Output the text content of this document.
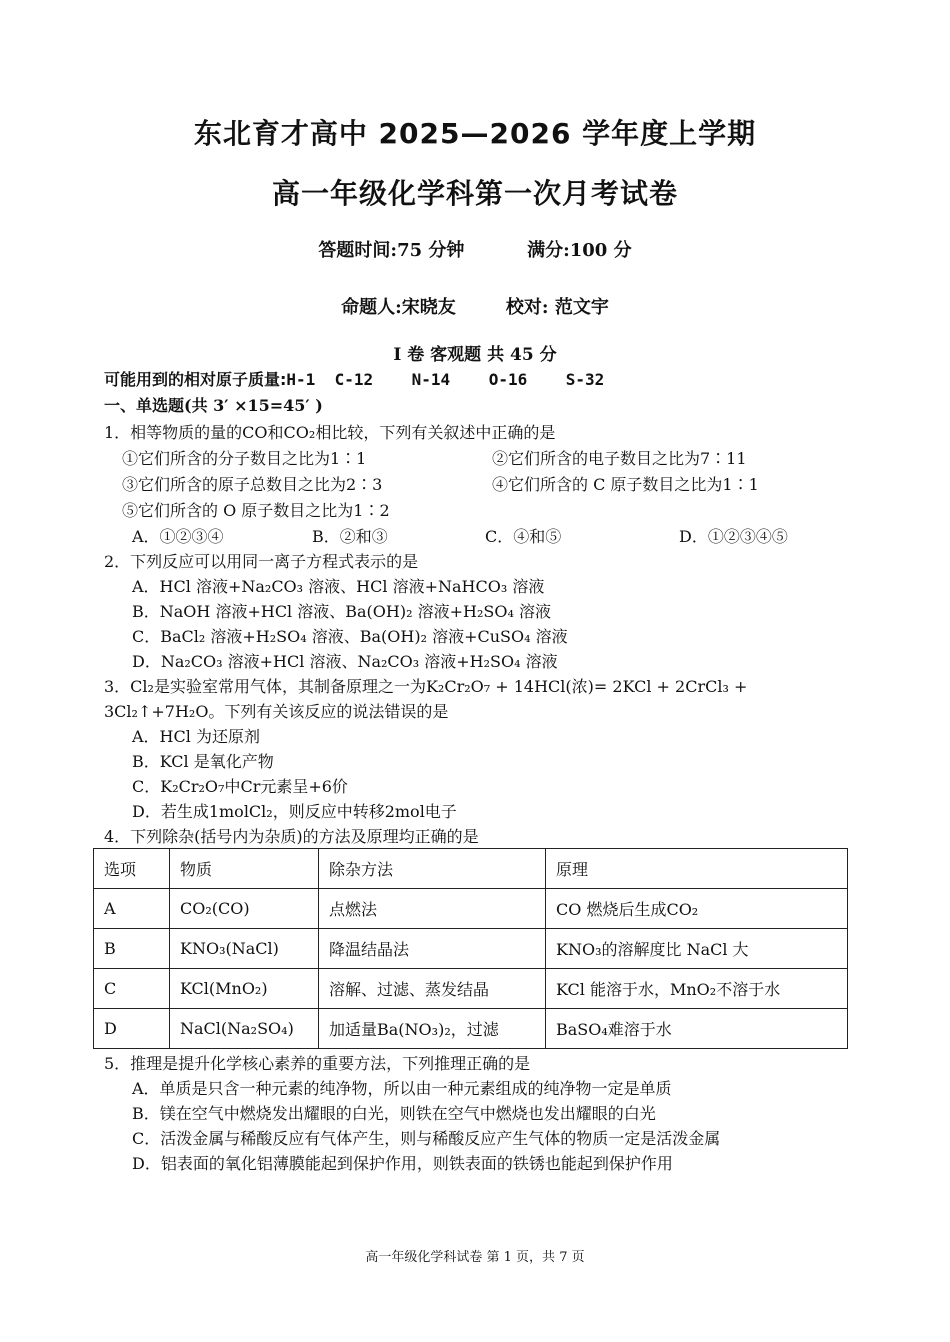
东北育才高中 2025—2026 学年度上学期
高一年级化学科第一次月考试卷
答题时间:75 分钟	满分:100 分
命题人:宋晓友	校对: 范文宇
I 卷 客观题 共 45 分
可能用到的相对原子质量:H-1  C-12    N-14    O-16    S-32
一、单选题(共 3′ ×15=45′ )
1．相等物质的量的CO和CO₂相比较，下列有关叙述中正确的是
①它们所含的分子数目之比为1∶1	②它们所含的电子数目之比为7∶11
③它们所含的原子总数目之比为2∶3	④它们所含的 C 原子数目之比为1∶1
⑤它们所含的 O 原子数目之比为1∶2
A．①②③④	B．②和③	C．④和⑤	D．①②③④⑤
2．下列反应可以用同一离子方程式表示的是
A．HCl 溶液+Na₂CO₃ 溶液、HCl 溶液+NaHCO₃ 溶液
B．NaOH 溶液+HCl 溶液、Ba(OH)₂ 溶液+H₂SO₄ 溶液
C．BaCl₂ 溶液+H₂SO₄ 溶液、Ba(OH)₂ 溶液+CuSO₄ 溶液
D．Na₂CO₃ 溶液+HCl 溶液、Na₂CO₃ 溶液+H₂SO₄ 溶液
3．Cl₂是实验室常用气体，其制备原理之一为K₂Cr₂O₇ + 14HCl(浓)= 2KCl + 2CrCl₃ +
3Cl₂↑+7H₂O。下列有关该反应的说法错误的是
A．HCl 为还原剂
B．KCl 是氧化产物
C．K₂Cr₂O₇中Cr元素呈+6价
D．若生成1molCl₂，则反应中转移2mol电子
4．下列除杂(括号内为杂质)的方法及原理均正确的是
选项	物质	除杂方法	原理
A	CO₂(CO)	点燃法	CO 燃烧后生成CO₂
B	KNO₃(NaCl)	降温结晶法	KNO₃的溶解度比 NaCl 大
C	KCl(MnO₂)	溶解、过滤、蒸发结晶	KCl 能溶于水，MnO₂不溶于水
D	NaCl(Na₂SO₄)	加适量Ba(NO₃)₂，过滤	BaSO₄难溶于水
5．推理是提升化学核心素养的重要方法，下列推理正确的是
A．单质是只含一种元素的纯净物，所以由一种元素组成的纯净物一定是单质
B．镁在空气中燃烧发出耀眼的白光，则铁在空气中燃烧也发出耀眼的白光
C．活泼金属与稀酸反应有气体产生，则与稀酸反应产生气体的物质一定是活泼金属
D．铝表面的氧化铝薄膜能起到保护作用，则铁表面的铁锈也能起到保护作用
高一年级化学科试卷 第 1 页，共 7 页
